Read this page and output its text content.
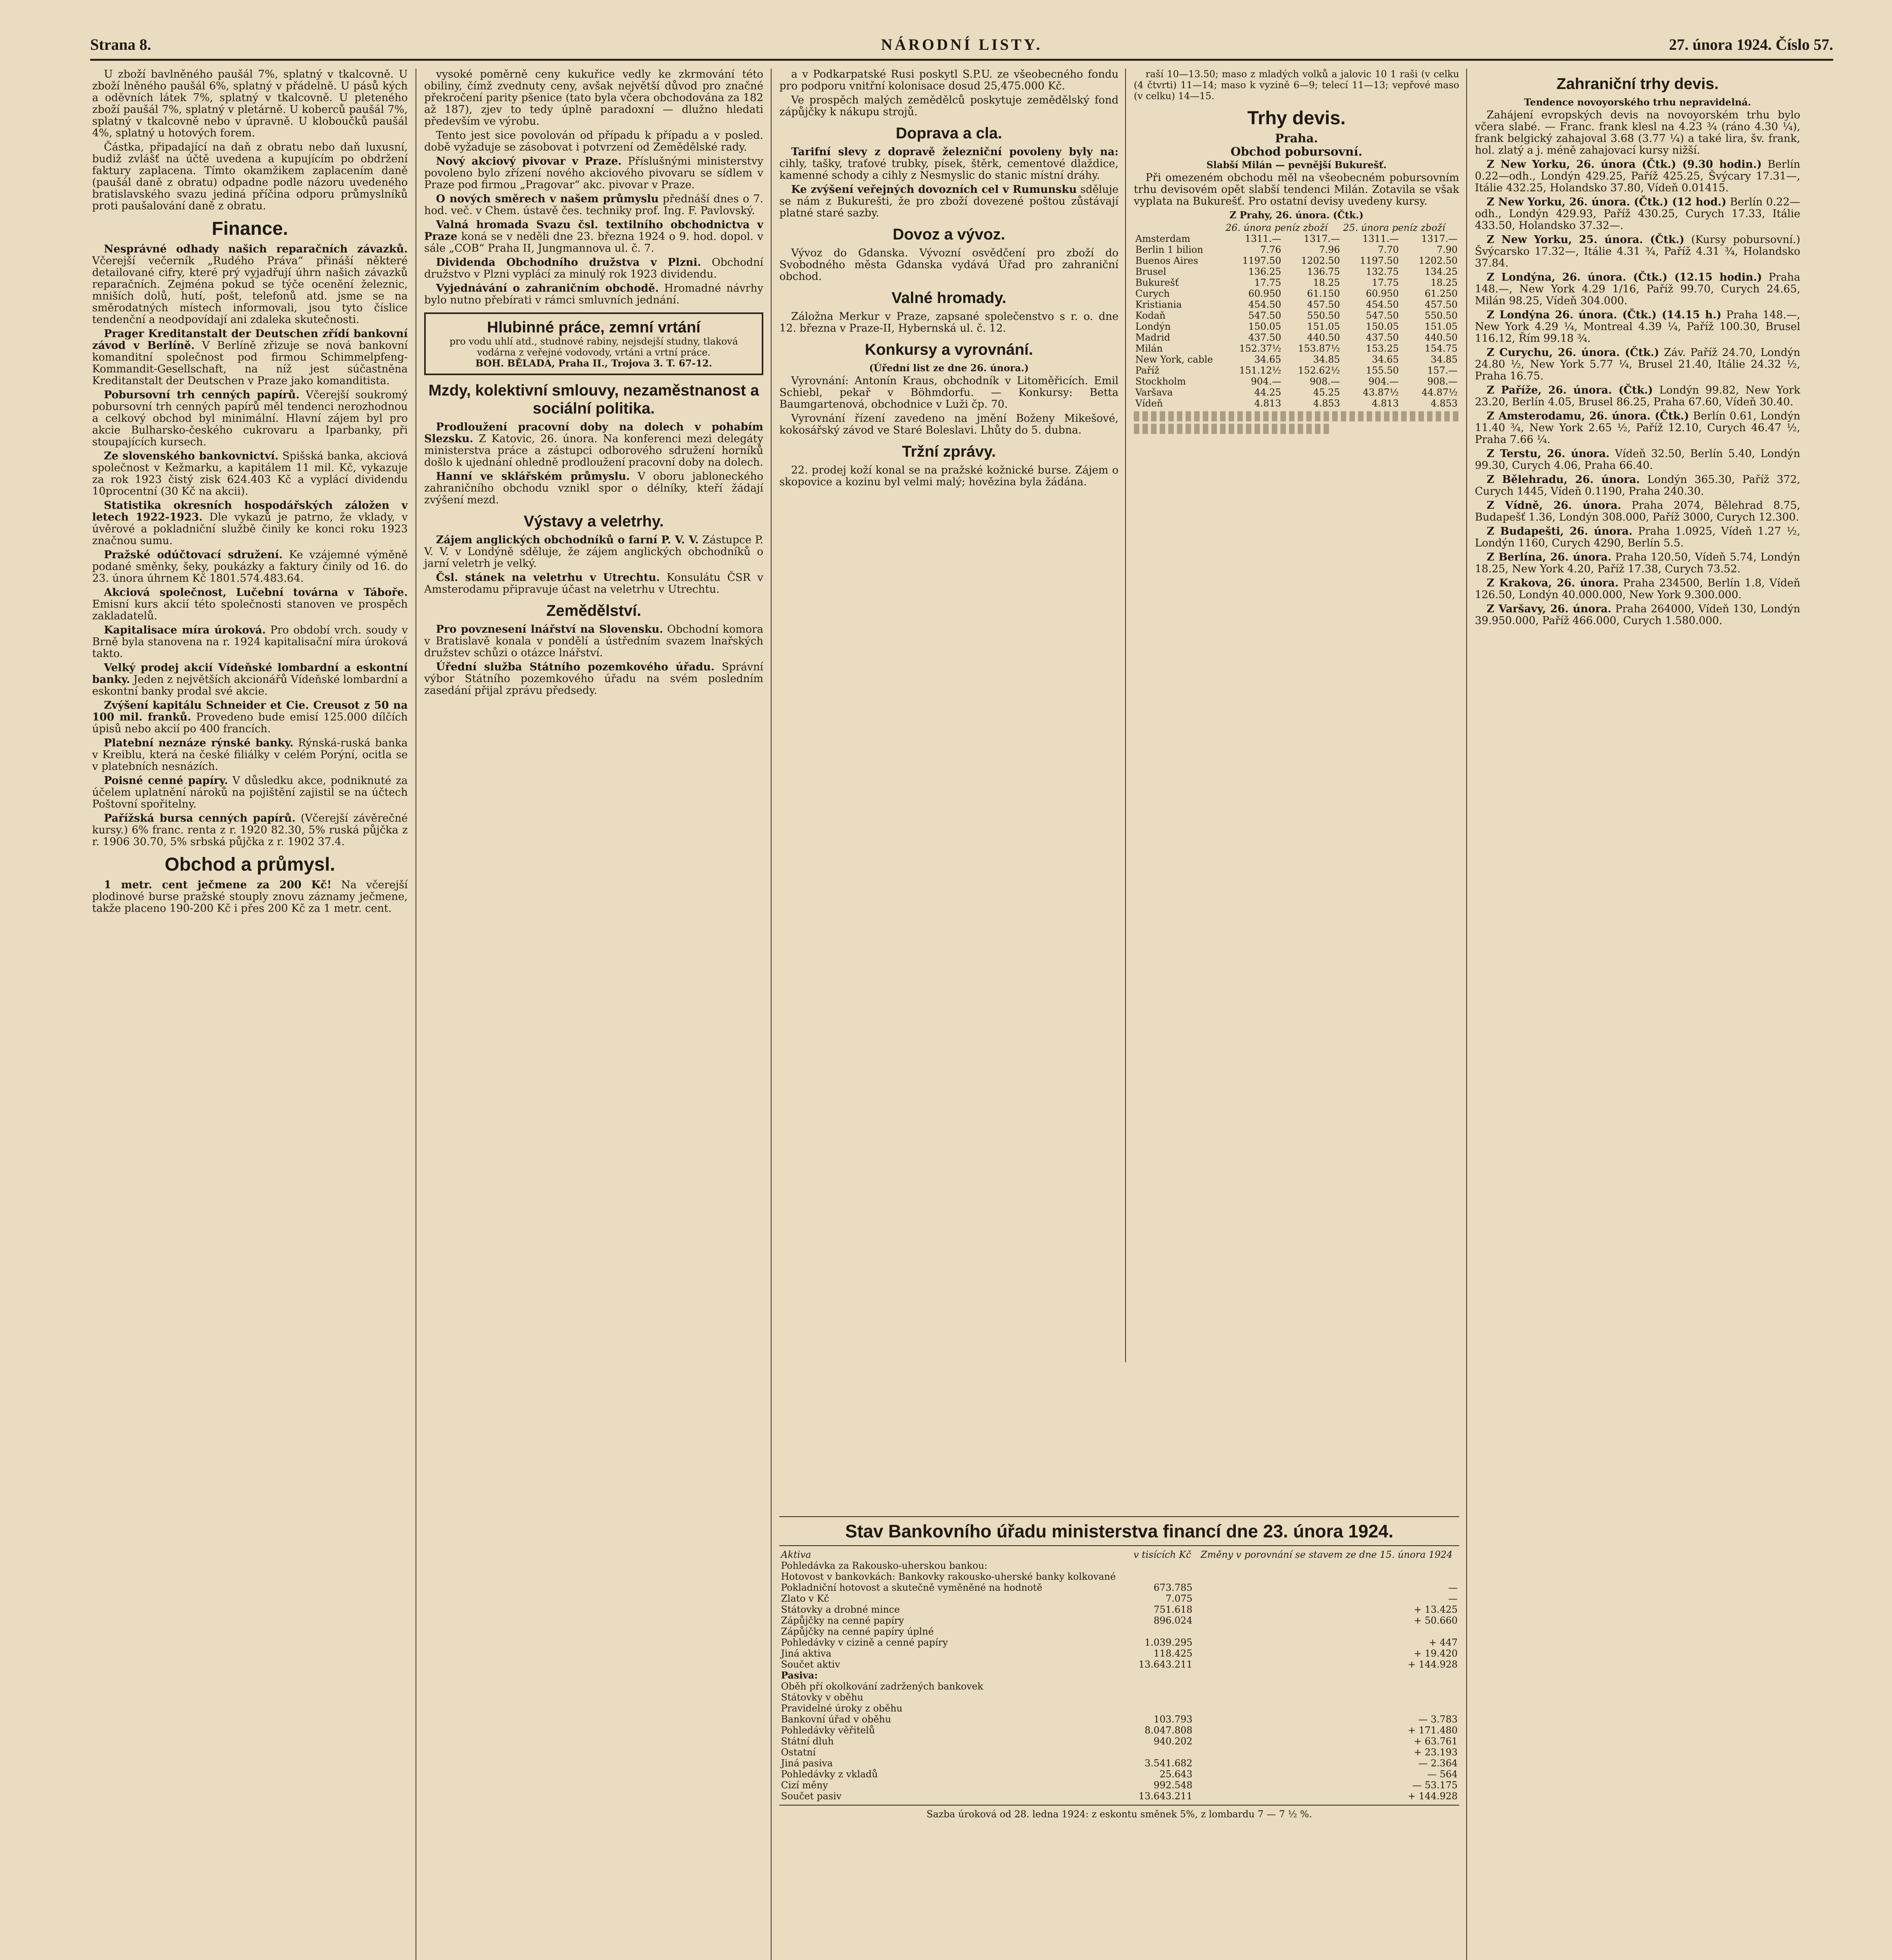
Strana 8.	NÁRODNÍ LISTY.	27. února 1924. Číslo 57.

U zboží bavlněného paušál 7%, splatný v tkalcovně. U zboží lněného paušál 6%, splatný v přádelně. U pásů kých a oděvních látek 7%, splatný v tkalcovně. U pleteného zboží paušál 7%, splatný v pletárně. U koberců paušál 7%, splatný v tkalcovně nebo v úpravně. U kloboučků paušál 4%, splatný u hotových forem.

Částka, připadající na daň z obratu nebo daň luxusní, budiž zvlášť na účtě uvedena a kupujícím po obdržení faktury zaplacena. Tímto okamžikem zaplacením daně (paušál daně z obratu) odpadne podle názoru uvedeného bratislavského svazu jediná příčina odporu průmyslníků proti paušalování daně z obratu.

Finance.

Nesprávné odhady našich reparačních závazků. Včerejší večerník „Rudého Práva“ přináší některé detailované cifry, které prý vyjadřují úhrn našich závazků reparačních. Zejména pokud se týče ocenění železnic, mniších dolů, hutí, pošt, telefonů atd. jsme se na směrodatných místech informovali, jsou tyto číslice tendenční a neodpovídají ani zdaleka skutečnosti.

Prager Kreditanstalt der Deutschen zřídí bankovní závod v Berlíně. V Berlíně zřizuje se nová bankovní komanditní společnost pod firmou Schimmelpfeng-Kommandit-Gesellschaft, na níž jest súčastněna Kreditanstalt der Deutschen v Praze jako komanditista.

Pobursovní trh cenných papírů. Včerejší soukromý pobursovní trh cenných papírů měl tendenci nerozhodnou a celkový obchod byl minimální. Hlavní zájem byl pro akcie Bulharsko-českého cukrovaru a Iparbanky, při stoupajících kursech.

Ze slovenského bankovnictví. Spišská banka, akciová společnost v Kežmarku, a kapitálem 11 mil. Kč, vykazuje za rok 1923 čistý zisk 624.403 Kč a vyplácí dividendu 10procentní (30 Kč na akcii).

Statistika okresních hospodářských záložen v letech 1922-1923. Dle vykazů je patrno, že vklady, v úvěrové a pokladniční službě činily ke konci roku 1923 značnou sumu.

Pražské odúčtovací sdružení. Ke vzájemné výměně podané směnky, šeky, poukázky a faktury činily od 16. do 23. února úhrnem Kč 1801.574.483.64.

Akciová společnost, Lučební továrna v Táboře. Emisní kurs akcií této společnosti stanoven ve prospěch zakladatelů.

Kapitalisace míra úroková. Pro období vrch. soudy v Brně byla stanovena na r. 1924 kapitalisační míra úroková takto.

Velký prodej akcií Vídeňské lombardní a eskontní banky. Jeden z největších akcionářů Vídeňské lombardní a eskontní banky prodal své akcie.

Zvýšení kapitálu Schneider et Cie. Creusot z 50 na 100 mil. franků. Provedeno bude emisí 125.000 dílčích úpisů nebo akcií po 400 francích.

Platební neznáze rýnské banky. Rýnská-ruská banka v Kreiblu, která na české filiálky v celém Porýní, ocitla se v platebních nesnázích.

Poisné cenné papíry. V důsledku akce, podniknuté za účelem uplatnění nároků na pojištění zajistil se na účtech Poštovní spořitelny.

Pařížská bursa cenných papírů. (Včerejší závěrečné kursy.) 6% franc. renta z r. 1920 82.30, 5% ruská půjčka z r. 1906 30.70, 5% srbská půjčka z r. 1902 37.4.

Obchod a průmysl.

1 metr. cent ječmene za 200 Kč! Na včerejší plodinové burse pražské stouply znovu záznamy ječmene, takže placeno 190-200 Kč i přes 200 Kč za 1 metr. cent.

vysoké poměrně ceny kukuřice vedly ke zkrmování této obiliny, čímž zvednuty ceny, avšak největší důvod pro značné překročení parity pšenice (tato byla včera obchodována za 182 až 187), zjev to tedy úplně paradoxní — dlužno hledati především ve výrobu.

Tento jest sice povolován od případu k případu a v posled. době vyžaduje se zásobovat i potvrzení od Zemědělské rady.

Nový akciový pivovar v Praze. Příslušnými ministerstvy povoleno bylo zřízení nového akciového pivovaru se sídlem v Praze pod firmou „Pragovar“ akc. pivovar v Praze.

O nových směrech v našem průmyslu přednáší dnes o 7. hod. več. v Chem. ústavě čes. techniky prof. Ing. F. Pavlovský.

Valná hromada Svazu čsl. textilního obchodnictva v Praze koná se v neděli dne 23. března 1924 o 9. hod. dopol. v sále „COB“ Praha II, Jungmannova ul. č. 7.

Dividenda Obchodního družstva v Plzni. Obchodní družstvo v Plzni vyplácí za minulý rok 1923 dividendu.

Vyjednávání o zahraničním obchodě. Hromadné návrhy bylo nutno přebírati v rámci smluvních jednání.

Hlubinné práce, zemní vrtání
pro vodu uhlí atd., studnové rabiny, nejsdejší studny, tlaková vodárna z veřejné vodovody, vrtáni a vrtní práce.
BOH. BĚLADA, Praha II., Trojova 3. T. 67-12.
Mzdy, kolektivní smlouvy, nezaměstnanost a sociální politika.

Prodloužení pracovní doby na dolech v pohabím Slezsku. Z Katovic, 26. února. Na konferenci mezi delegáty ministerstva práce a zástupci odborového sdružení horníků došlo k ujednání ohledně prodloužení pracovní doby na dolech.

Hanní ve sklářském průmyslu. V oboru jabloneckého zahraničního obchodu vznikl spor o délníky, kteří žádají zvýšení mezd.

Výstavy a veletrhy.

Zájem anglických obchodníků o farní P. V. V. Zástupce P. V. V. v Londýně sděluje, že zájem anglických obchodníků o jarní veletrh je velký.

Čsl. stánek na veletrhu v Utrechtu. Konsulátu ČSR v Amsterodamu připravuje účast na veletrhu v Utrechtu.

Zemědělství.

Pro povznesení lnářství na Slovensku. Obchodní komora v Bratislavě konala v pondělí a ústředním svazem lnařských družstev schůzi o otázce lnářství.

Úřední služba Státního pozemkového úřadu. Správní výbor Státního pozemkového úřadu na svém posledním zasedání přijal zprávu předsedy.

a v Podkarpatské Rusi poskytl S.P.U. ze všeobecného fondu pro podporu vnitřní kolonisace dosud 25,475.000 Kč.

Ve prospěch malých zemědělců poskytuje zemědělský fond zápůjčky k nákupu strojů.

Doprava a cla.

Tarifní slevy z dopravě železniční povoleny byly na: cihly, tašky, traťové trubky, písek, štěrk, cementové dlaždice, kamenné schody a cihly z Nesmyslic do stanic místní dráhy.

Ke zvýšení veřejných dovozních cel v Rumunsku sděluje se nám z Bukurešti, že pro zboží dovezené poštou zůstávají platné staré sazby.

Dovoz a vývoz.

Vývoz do Gdanska. Vývozní osvědčení pro zboží do Svobodného města Gdanska vydává Úřad pro zahraniční obchod.

Valné hromady.

Záložna Merkur v Praze, zapsané společenstvo s r. o. dne 12. března v Praze-II, Hybernská ul. č. 12.

Konkursy a vyrovnání.
(Úřední list ze dne 26. února.)

Vyrovnání: Antonín Kraus, obchodník v Litoměřicích. Emil Schiebl, pekař v Böhmdorfu. — Konkursy: Betta Baumgartenová, obchodnice v Luži čp. 70.

Vyrovnání řízení zavedeno na jmění Boženy Mikešové, kokosářský závod ve Staré Boleslavi. Lhůty do 5. dubna.

Tržní zprávy.

22. prodej koží konal se na pražské kožnické burse. Zájem o skopovice a kozinu byl velmi malý; hovězina byla žádána.

raší 10—13.50; maso z mladých volků a jalovic 10 1 raši (v celku (4 čtvrti) 11—14; maso k vyzině 6—9; telecí 11—13; vepřové maso (v celku) 14—15.

Trhy devis.
Praha.
Obchod pobursovní.
Slabší Milán — pevnější Bukurešť.

Při omezeném obchodu měl na všeobecném pobursovním trhu devisovém opět slabší tendenci Milán. Zotavila se však vyplata na Bukurešť. Pro ostatní devisy uvedeny kursy.

Z Prahy, 26. února. (Čtk.)
	26. února peníz zboží		25. února peníz zboží	
Amsterdam	1311.—	1317.—	1311.—	1317.—
Berlin 1 bilion	7.76	7.96	7.70	7.90
Buenos Aires	1197.50	1202.50	1197.50	1202.50
Brusel	136.25	136.75	132.75	134.25
Bukurešť	17.75	18.25	17.75	18.25
Curych	60.950	61.150	60.950	61.250
Kristiania	454.50	457.50	454.50	457.50
Kodaň	547.50	550.50	547.50	550.50
Londýn	150.05	151.05	150.05	151.05
Madrid	437.50	440.50	437.50	440.50
Milán	152.37½	153.87½	153.25	154.75
New York, cable	34.65	34.85	34.65	34.85
Paříž	151.12½	152.62½	155.50	157.—
Stockholm	904.—	908.—	904.—	908.—
Varšava	44.25	45.25	43.87½	44.87½
Vídeň	4.813	4.853	4.813	4.853
Zahraniční trhy devis.
Tendence novoyorského trhu nepravidelná.

Zahájení evropských devis na novoyorském trhu bylo včera slabé. — Franc. frank klesl na 4.23 ¾ (ráno 4.30 ¼), frank belgický zahajoval 3.68 (3.77 ¼) a také lira, šv. frank, hol. zlatý a j. méně zahajovací kursy nižší.

Z New Yorku, 26. února (Čtk.) (9.30 hodin.) Berlín 0.22—odh., Londýn 429.25, Paříž 425.25, Švýcary 17.31—, Itálie 432.25, Holandsko 37.80, Vídeň 0.01415.

Z New Yorku, 26. února. (Čtk.) (12 hod.) Berlín 0.22—odh., Londýn 429.93, Paříž 430.25, Curych 17.33, Itálie 433.50, Holandsko 37.32—.

Z New Yorku, 25. února. (Čtk.) (Kursy pobursovní.) Švýcarsko 17.32—, Itálie 4.31 ¾, Paříž 4.31 ¾, Holandsko 37.84.

Z Londýna, 26. února. (Čtk.) (12.15 hodin.) Praha 148.—, New York 4.29 1/16, Paříž 99.70, Curych 24.65, Milán 98.25, Vídeň 304.000.

Z Londýna 26. února. (Čtk.) (14.15 h.) Praha 148.—, New York 4.29 ¼, Montreal 4.39 ¼, Paříž 100.30, Brusel 116.12, Řím 99.18 ¾.

Z Curychu, 26. února. (Čtk.) Záv. Paříž 24.70, Londýn 24.80 ½, New York 5.77 ¼, Brusel 21.40, Itálie 24.32 ½, Praha 16.75.

Z Paříže, 26. února. (Čtk.) Londýn 99.82, New York 23.20, Berlín 4.05, Brusel 86.25, Praha 67.60, Vídeň 30.40.

Z Amsterodamu, 26. února. (Čtk.) Berlín 0.61, Londýn 11.40 ¾, New York 2.65 ½, Paříž 12.10, Curych 46.47 ½, Praha 7.66 ¼.

Z Terstu, 26. února. Vídeň 32.50, Berlín 5.40, Londýn 99.30, Curych 4.06, Praha 66.40.

Z Bělehradu, 26. února. Londýn 365.30, Paříž 372, Curych 1445, Vídeň 0.1190, Praha 240.30.

Z Vídně, 26. února. Praha 2074, Bělehrad 8.75, Budapešť 1.36, Londýn 308.000, Paříž 3000, Curych 12.300.

Z Budapešti, 26. února. Praha 1.0925, Vídeň 1.27 ½, Londýn 1160, Curych 4290, Berlín 5.5.

Z Berlína, 26. února. Praha 120.50, Vídeň 5.74, Londýn 18.25, New York 4.20, Paříž 17.38, Curych 73.52.

Z Krakova, 26. února. Praha 234500, Berlín 1.8, Vídeň 126.50, Londýn 40.000.000, New York 9.300.000.

Z Varšavy, 26. února. Praha 264000, Vídeň 130, Londýn 39.950.000, Paříž 466.000, Curych 1.580.000.

Stav Bankovního úřadu ministerstva financí dne 23. února 1924.
Aktiva	v tisících Kč	Změny v porovnání se stavem ze dne 15. února 1924
Pohledávka za Rakousko-uherskou bankou:		
Hotovost v bankovkách: Bankovky rakousko-uherské banky kolkované		
Pokladniční hotovost a skutečně vyměněné na hodnotě	673.785	—
Zlato v Kč	7.075	—
Státovky a drobné mince	751.618	+ 13.425
Zápůjčky na cenné papíry	896.024	+ 50.660
Zápůjčky na cenné papíry úplné		
Pohledávky v cizině a cenné papíry	1.039.295	+ 447
Jiná aktiva	118.425	+ 19.420
Součet aktiv	13.643.211	+ 144.928
Pasiva:		
Oběh pří okolkování zadržených bankovek		
Státovky v oběhu		
Pravidelné úroky z oběhu		
Bankovní úřad v oběhu	103.793	— 3.783
Pohledávky věřitelů	8.047.808	+ 171.480
Státní dluh	940.202	+ 63.761
Ostatní		+ 23.193
Jiná pasiva	3.541.682	— 2.364
Pohledávky z vkladů	25.643	— 564
Cizí měny	992.548	— 53.175
Součet pasiv	13.643.211	+ 144.928
Sazba úroková od 28. ledna 1924: z eskontu směnek 5%, z lombardu 7 — 7 ½ %.
